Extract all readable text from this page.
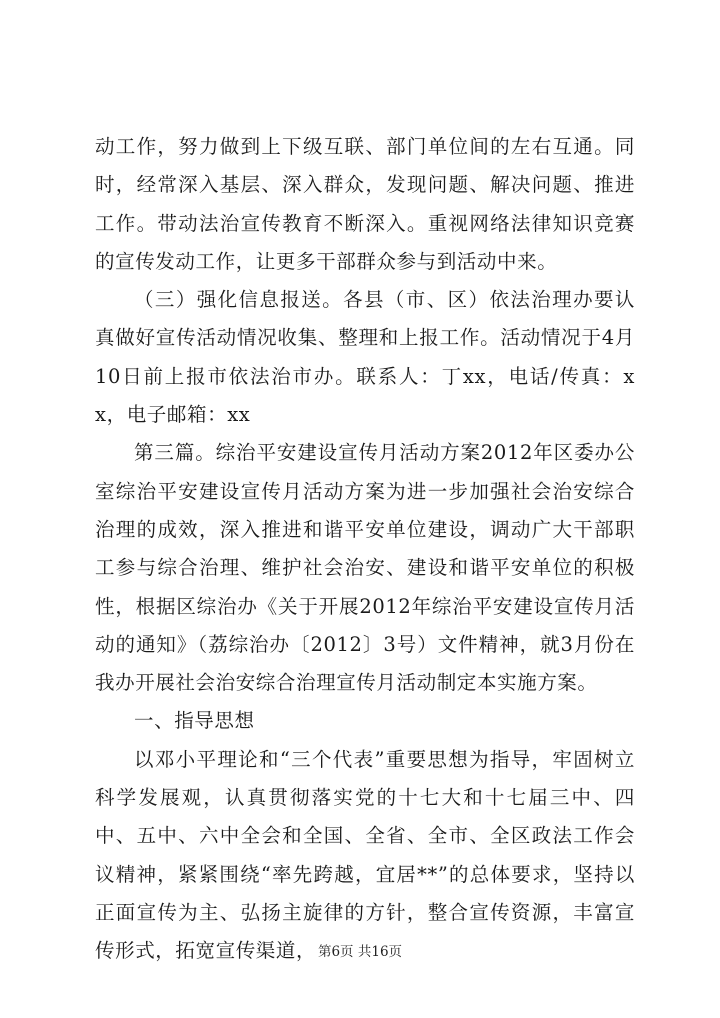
动工作，努力做到上下级互联、部门单位间的左右互通。同时，经常深入基层、深入群众，发现问题、解决问题、推进工作。带动法治宣传教育不断深入。重视网络法律知识竞赛的宣传发动工作，让更多干部群众参与到活动中来。

（三）强化信息报送。各县（市、区）依法治理办要认真做好宣传活动情况收集、整理和上报工作。活动情况于4月10日前上报市依法治市办。联系人：丁xx，电话/传真：xx，电子邮箱：xx

第三篇。综治平安建设宣传月活动方案2012年区委办公室综治平安建设宣传月活动方案为进一步加强社会治安综合治理的成效，深入推进和谐平安单位建设，调动广大干部职工参与综合治理、维护社会治安、建设和谐平安单位的积极性，根据区综治办《关于开展2012年综治平安建设宣传月活动的通知》（荔综治办〔2012〕3号）文件精神，就3月份在我办开展社会治安综合治理宣传月活动制定本实施方案。

一、指导思想

以邓小平理论和“三个代表”重要思想为指导，牢固树立科学发展观，认真贯彻落实党的十七大和十七届三中、四中、五中、六中全会和全国、全省、全市、全区政法工作会议精神，紧紧围绕“率先跨越，宜居**”的总体要求，坚持以正面宣传为主、弘扬主旋律的方针，整合宣传资源，丰富宣传形式，拓宽宣传渠道， 第6页 共16页
